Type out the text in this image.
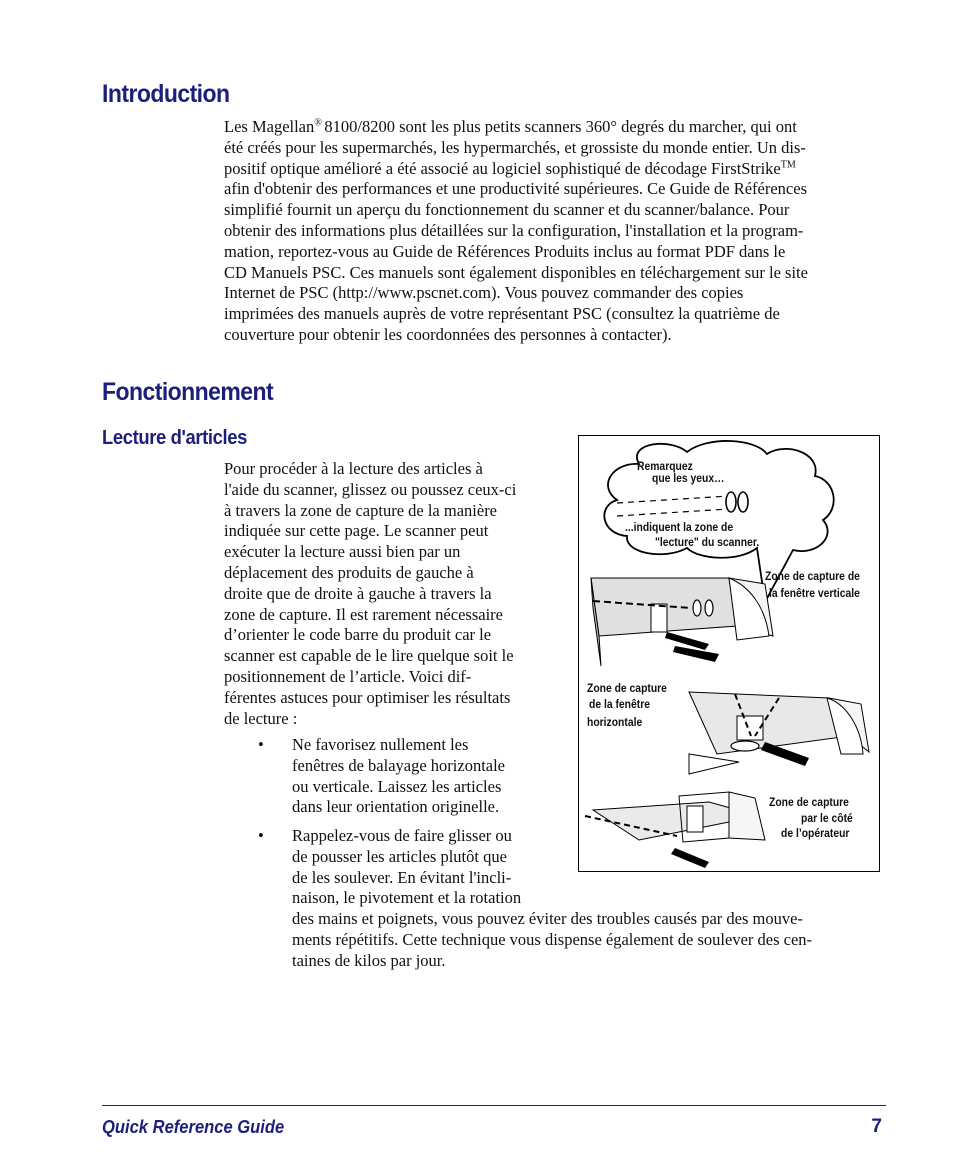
Introduction
Les Magellan® 8100/8200 sont les plus petits scanners 360° degrés du marcher, qui ont
été créés pour les supermarchés, les hypermarchés, et grossiste du monde entier. Un dis-
positif optique amélioré a été associé au logiciel sophistiqué de décodage FirstStrike™
afin d'obtenir des performances et une productivité supérieures. Ce Guide de Références
simplifié fournit un aperçu du fonctionnement du scanner et du scanner/balance. Pour
obtenir des informations plus détaillées sur la configuration, l'installation et la program-
mation, reportez-vous au Guide de Références Produits inclus au format PDF dans le
CD Manuels PSC. Ces manuels sont également disponibles en téléchargement sur le site
Internet de PSC (http://www.pscnet.com). Vous pouvez commander des copies
imprimées des manuels auprès de votre représentant PSC (consultez la quatrième de
couverture pour obtenir les coordonnées des personnes à contacter).
Fonctionnement
Lecture d'articles
Pour procéder à la lecture des articles à
l'aide du scanner, glissez ou poussez ceux-ci
à travers la zone de capture de la manière
indiquée sur cette page. Le scanner peut
exécuter la lecture aussi bien par un
déplacement des produits de gauche à
droite que de droite à gauche à travers la
zone de capture. Il est rarement nécessaire
d’orienter le code barre du produit car le
scanner est capable de le lire quelque soit le
positionnement de l’article. Voici dif-
férentes astuces pour optimiser les résultats
de lecture :
• Ne favorisez nullement les
fenêtres de balayage horizontale
ou verticale. Laissez les articles
dans leur orientation originelle.
• Rappelez-vous de faire glisser ou
de pousser les articles plutôt que
de les soulever. En évitant l'incli-
naison, le pivotement et la rotation
des mains et poignets, vous pouvez éviter des troubles causés par des mouve-
ments répétitifs. Cette technique vous dispense également de soulever des cen-
taines de kilos par jour.
Remarquez
que les yeux…
...indiquent la zone de
"lecture" du scanner.
Zone de capture de
la fenêtre verticale
Zone de capture
de la fenêtre
horizontale
Zone de capture
par le côté
de l’opérateur
Quick Reference Guide	7
